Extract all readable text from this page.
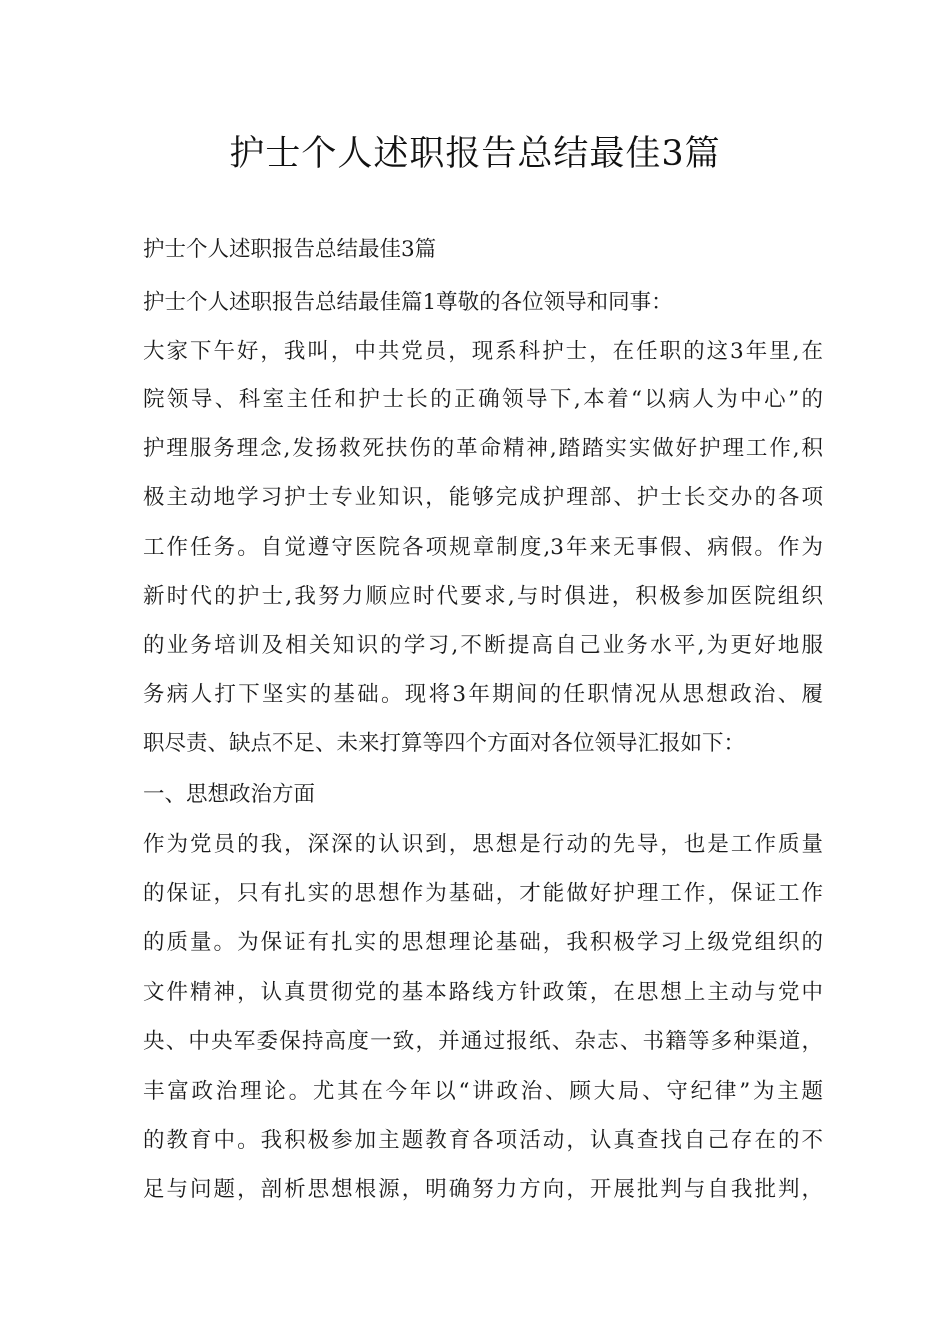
护士个人述职报告总结最佳3篇
护士个人述职报告总结最佳3篇
护士个人述职报告总结最佳篇1尊敬的各位领导和同事：
大家下午好，我叫，中共党员，现系科护士，在任职的这3年里,在
院领导、科室主任和护士长的正确领导下,本着“以病人为中心”的
护理服务理念,发扬救死扶伤的革命精神,踏踏实实做好护理工作,积
极主动地学习护士专业知识，能够完成护理部、护士长交办的各项
工作任务。自觉遵守医院各项规章制度,3年来无事假、病假。作为
新时代的护士,我努力顺应时代要求,与时俱进，积极参加医院组织
的业务培训及相关知识的学习,不断提高自己业务水平,为更好地服
务病人打下坚实的基础。现将3年期间的任职情况从思想政治、履
职尽责、缺点不足、未来打算等四个方面对各位领导汇报如下：
一、思想政治方面
作为党员的我，深深的认识到，思想是行动的先导，也是工作质量
的保证，只有扎实的思想作为基础，才能做好护理工作，保证工作
的质量。为保证有扎实的思想理论基础，我积极学习上级党组织的
文件精神，认真贯彻党的基本路线方针政策，在思想上主动与党中
央、中央军委保持高度一致，并通过报纸、杂志、书籍等多种渠道，
丰富政治理论。尤其在今年以“讲政治、顾大局、守纪律”为主题
的教育中。我积极参加主题教育各项活动，认真查找自己存在的不
足与问题，剖析思想根源，明确努力方向，开展批判与自我批判，
